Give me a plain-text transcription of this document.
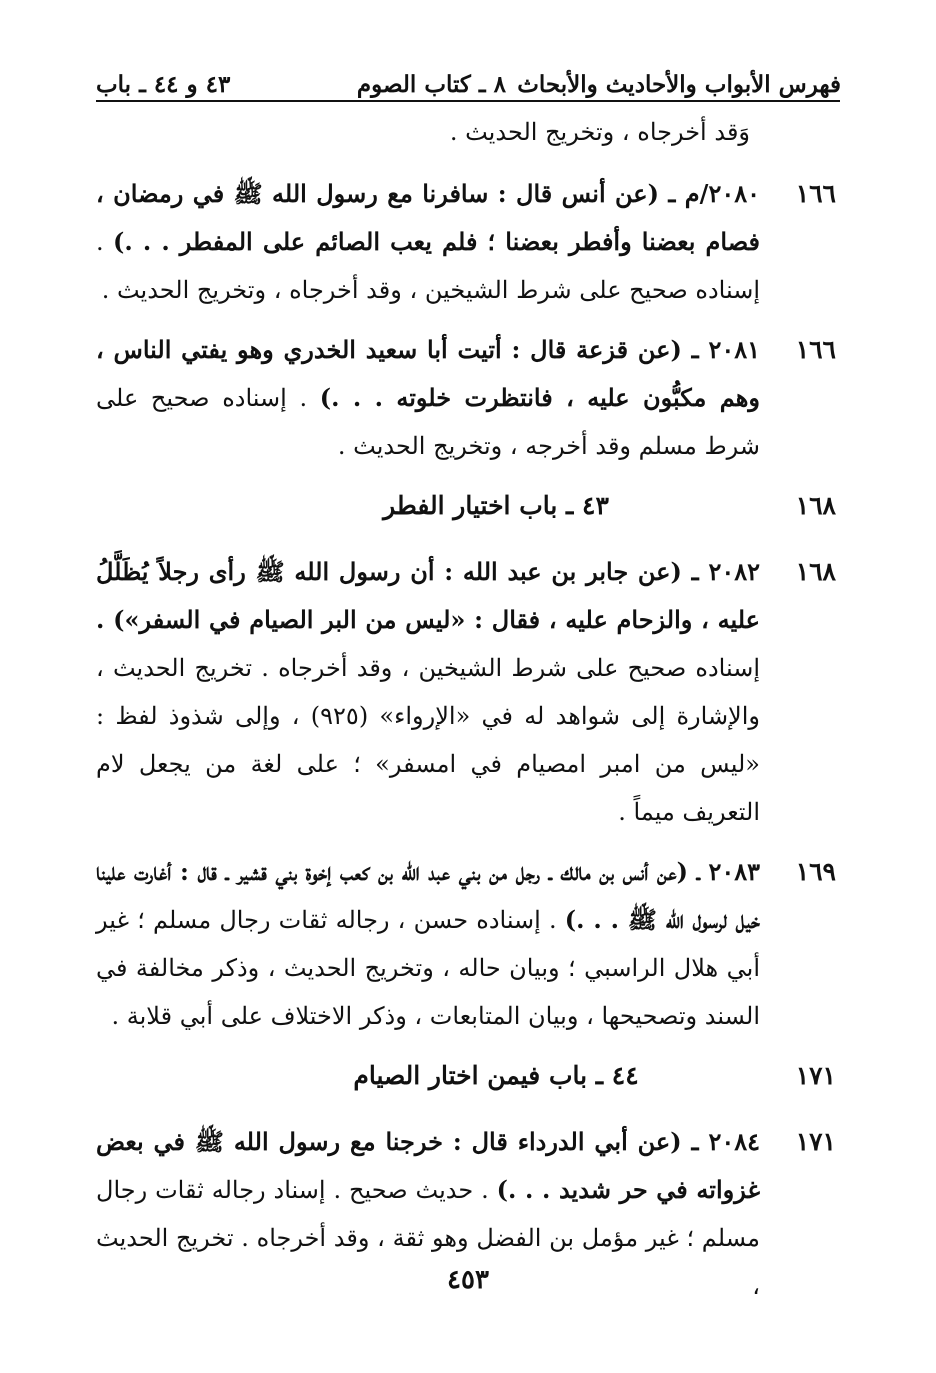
فهرس الأبواب والأحاديث والأبحاث
٨ ـ كتاب الصوم
٤٣ و ٤٤ ـ باب
وَقد أخرجاه ، وتخريج الحديث .
١٦٦
٢٠٨٠/م ـ (عن أنس قال : سافرنا مع رسول الله ﷺ في رمضان ، فصام بعضنا وأفطر بعضنا ؛ فلم يعب الصائم على المفطر . . .) . إسناده صحيح على شرط الشيخين ، وقد أخرجاه ، وتخريج الحديث .
١٦٦
٢٠٨١ ـ (عن قزعة قال : أتيت أبا سعيد الخدري وهو يفتي الناس ، وهم مكبُّون عليه ، فانتظرت خلوته . . .) . إسناده صحيح على شرط مسلم وقد أخرجه ، وتخريج الحديث .
١٦٨
٤٣ ـ باب اختيار الفطر
١٦٨
٢٠٨٢ ـ (عن جابر بن عبد الله : أن رسول الله ﷺ رأى رجلاً يُظَلَّلُ عليه ، والزحام عليه ، فقال : «ليس من البر الصيام في السفر») . إسناده صحيح على شرط الشيخين ، وقد أخرجاه . تخريج الحديث ، والإشارة إلى شواهد له في «الإرواء» (٩٢٥) ، وإلى شذوذ لفظ : «ليس من امبر امصيام في امسفر» ؛ على لغة من يجعل لام التعريف ميماً .
١٦٩
٢٠٨٣ ـ (عن أنس بن مالك ـ رجل من بني عبد الله بن كعب إخوة بني قشير ـ قال : أغارت علينا خيل لرسول الله ﷺ . . .) . إسناده حسن ، رجاله ثقات رجال مسلم ؛ غير أبي هلال الراسبي ؛ وبيان حاله ، وتخريج الحديث ، وذكر مخالفة في السند وتصحيحها ، وبيان المتابعات ، وذكر الاختلاف على أبي قلابة .
١٧١
٤٤ ـ باب فيمن اختار الصيام
١٧١
٢٠٨٤ ـ (عن أبي الدرداء قال : خرجنا مع رسول الله ﷺ في بعض غزواته في حر شديد . . .) . حديث صحيح . إسناد رجاله ثقات رجال مسلم ؛ غير مؤمل بن الفضل وهو ثقة ، وقد أخرجاه . تخريج الحديث ،
٤٥٣
